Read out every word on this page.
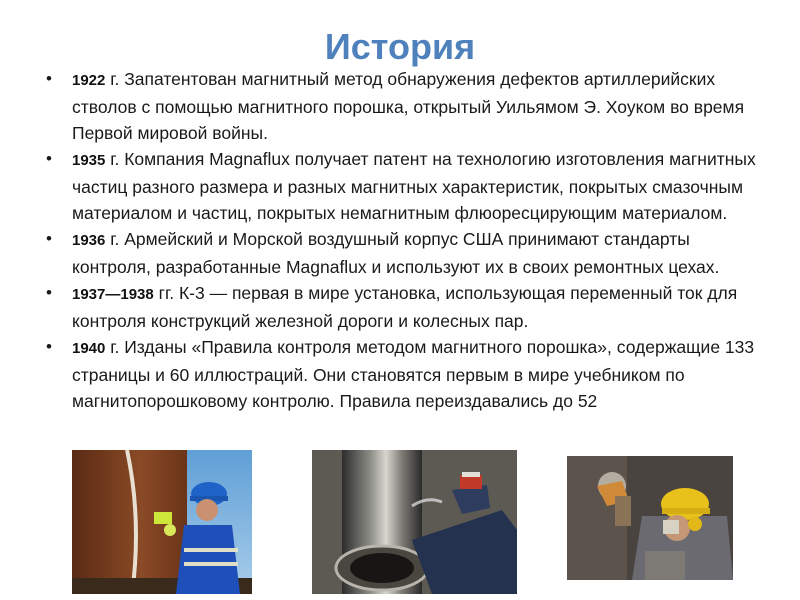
История
• 1922 г. Запатентован магнитный метод обнаружения дефектов артиллерийских стволов с помощью магнитного порошка, открытый Уильямом Э. Хоуком во время Первой мировой войны.
• 1935 г. Компания Magnaflux получает патент на технологию изготовления магнитных частиц разного размера и разных магнитных характеристик, покрытых смазочным материалом и частиц, покрытых немагнитным флюоресцирующим материалом.
• 1936 г. Армейский и Морской воздушный корпус США принимают стандарты контроля, разработанные Magnaflux и используют их в своих ремонтных цехах.
• 1937—1938 гг. К-3 — первая в мире установка, использующая переменный ток для контроля конструкций железной дороги и колесных пар.
• 1940 г. Изданы «Правила контроля методом магнитного порошка», содержащие 133 страницы и 60 иллюстраций. Они становятся первым в мире учебником по магнитопорошковому контролю. Правила переиздавались до 52
